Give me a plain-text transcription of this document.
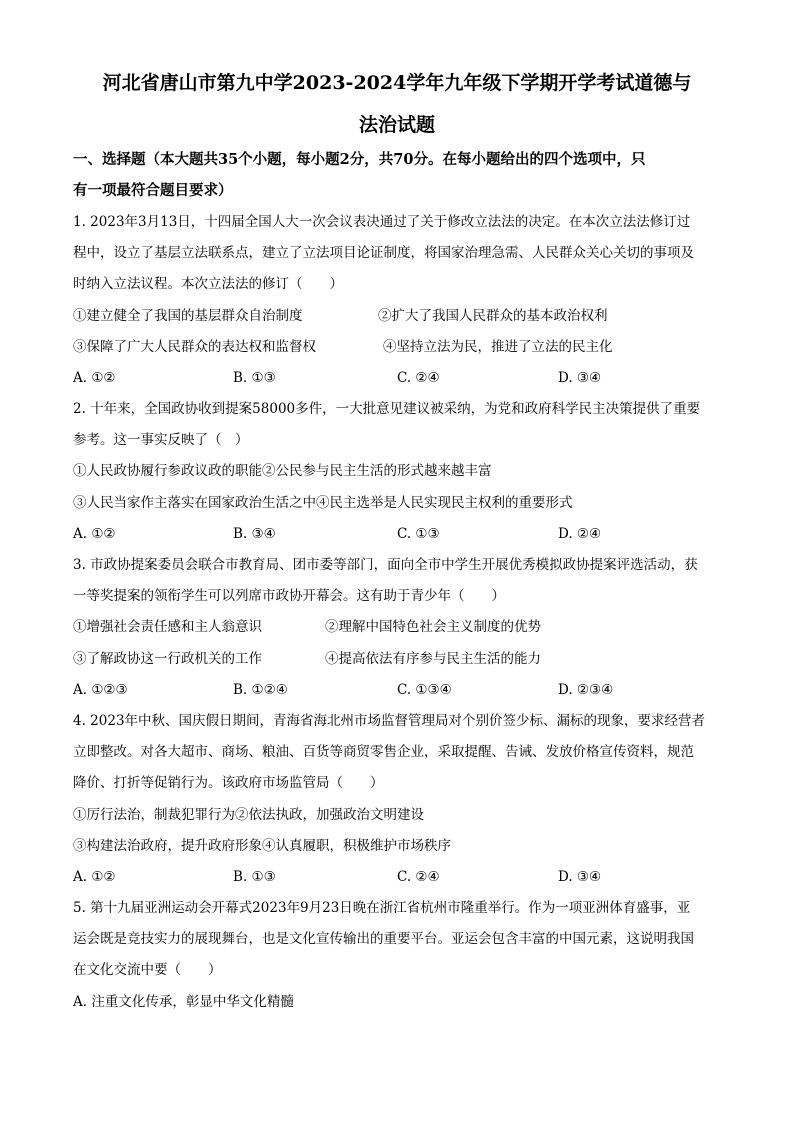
河北省唐山市第九中学2023-2024学年九年级下学期开学考试道德与
法治试题
一、选择题（本大题共35个小题，每小题2分，共70分。在每小题给出的四个选项中，只
有一项最符合题目要求）
1. 2023年3月13日，十四届全国人大一次会议表决通过了关于修改立法法的决定。在本次立法法修订过
程中，设立了基层立法联系点，建立了立法项目论证制度，将国家治理急需、人民群众关心关切的事项及
时纳入立法议程。本次立法法的修订（　　）
①建立健全了我国的基层群众自治制度	②扩大了我国人民群众的基本政治权利
③保障了广大人民群众的表达权和监督权	④坚持立法为民，推进了立法的民主化
A. ①②	B. ①③	C. ②④	D. ③④
2. 十年来，全国政协收到提案58000多件，一大批意见建议被采纳，为党和政府科学民主决策提供了重要
参考。这一事实反映了（　）
①人民政协履行参政议政的职能②公民参与民主生活的形式越来越丰富
③人民当家作主落实在国家政治生活之中④民主选举是人民实现民主权利的重要形式
A. ①②	B. ③④	C. ①③	D. ②④
3. 市政协提案委员会联合市教育局、团市委等部门，面向全市中学生开展优秀模拟政协提案评选活动，获
一等奖提案的领衔学生可以列席市政协开幕会。这有助于青少年（　　）
①增强社会责任感和主人翁意识	②理解中国特色社会主义制度的优势
③了解政协这一行政机关的工作	④提高依法有序参与民主生活的能力
A. ①②③	B. ①②④	C. ①③④	D. ②③④
4. 2023年中秋、国庆假日期间，青海省海北州市场监督管理局对个别价签少标、漏标的现象，要求经营者
立即整改。对各大超市、商场、粮油、百货等商贸零售企业，采取提醒、告诫、发放价格宣传资料，规范
降价、打折等促销行为。该政府市场监管局（　　）
①厉行法治，制裁犯罪行为②依法执政，加强政治文明建设
③构建法治政府，提升政府形象④认真履职，积极维护市场秩序
A. ①②	B. ①③	C. ②④	D. ③④
5. 第十九届亚洲运动会开幕式2023年9月23日晚在浙江省杭州市隆重举行。作为一项亚洲体育盛事，亚
运会既是竞技实力的展现舞台，也是文化宣传输出的重要平台。亚运会包含丰富的中国元素，这说明我国
在文化交流中要（　　）
A. 注重文化传承，彰显中华文化精髓
